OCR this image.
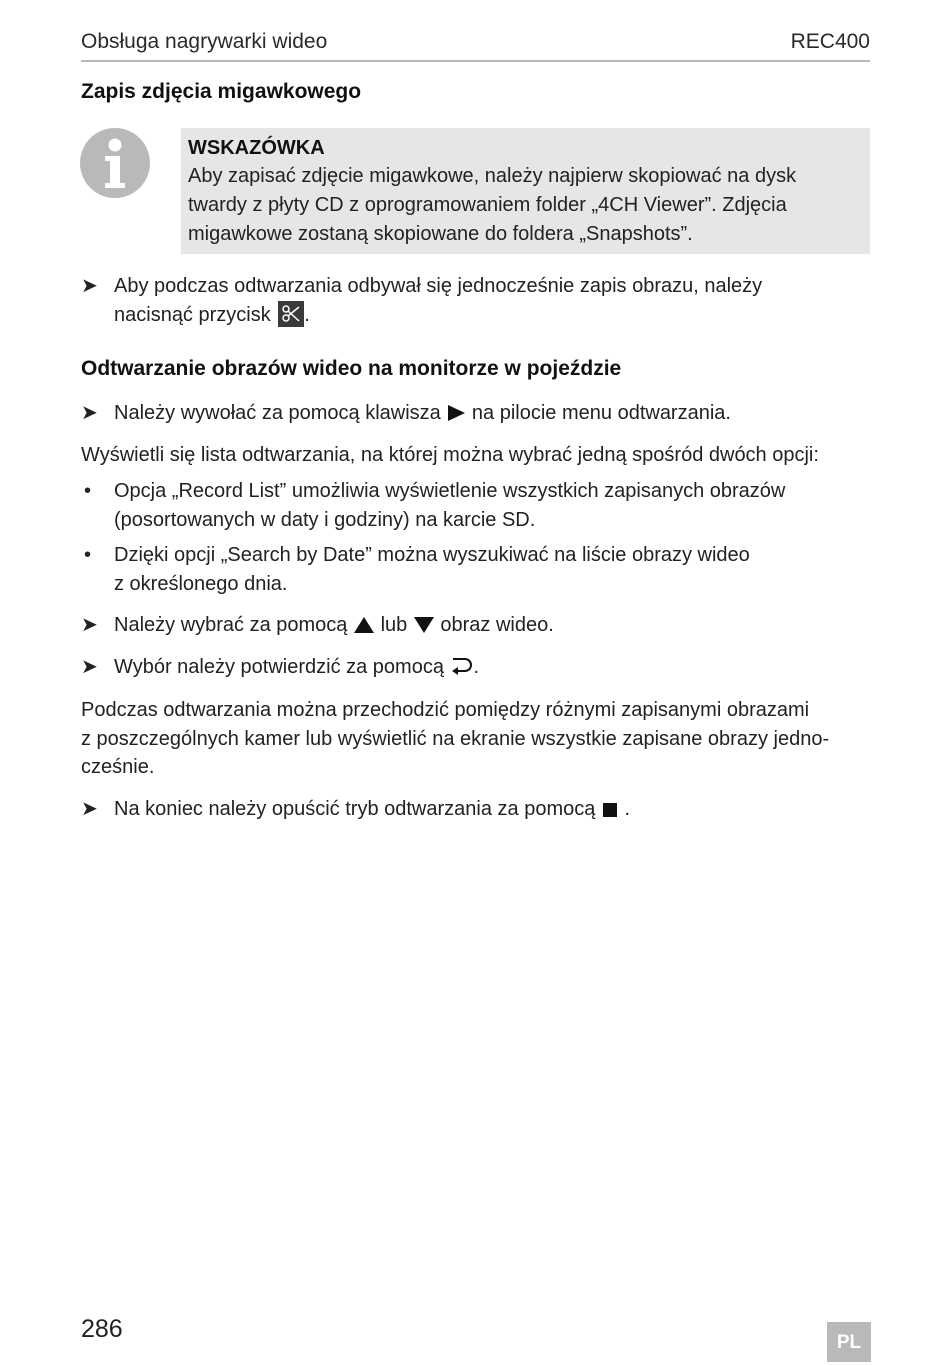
Obsługa nagrywarki wideo	REC400
Zapis zdjęcia migawkowego
WSKAZÓWKA
Aby zapisać zdjęcie migawkowe, należy najpierw skopiować na dysk
twardy z płyty CD z oprogramowaniem folder „4CH Viewer”. Zdjęcia
migawkowe zostaną skopiowane do foldera „Snapshots”.
➤ Aby podczas odtwarzania odbywał się jednocześnie zapis obrazu, należy
nacisnąć przycisk .
Odtwarzanie obrazów wideo na monitorze w pojeździe
➤ Należy wywołać za pomocą klawisza na pilocie menu odtwarzania.
Wyświetli się lista odtwarzania, na której można wybrać jedną spośród dwóch opcji:
• Opcja „Record List” umożliwia wyświetlenie wszystkich zapisanych obrazów
(posortowanych w daty i godziny) na karcie SD.
• Dzięki opcji „Search by Date” można wyszukiwać na liście obrazy wideo
z określonego dnia.
➤ Należy wybrać za pomocą lub obraz wideo.
➤ Wybór należy potwierdzić za pomocą .
Podczas odtwarzania można przechodzić pomiędzy różnymi zapisanymi obrazami
z poszczególnych kamer lub wyświetlić na ekranie wszystkie zapisane obrazy jedno-
cześnie.
➤ Na koniec należy opuścić tryb odtwarzania za pomocą .
286	PL
